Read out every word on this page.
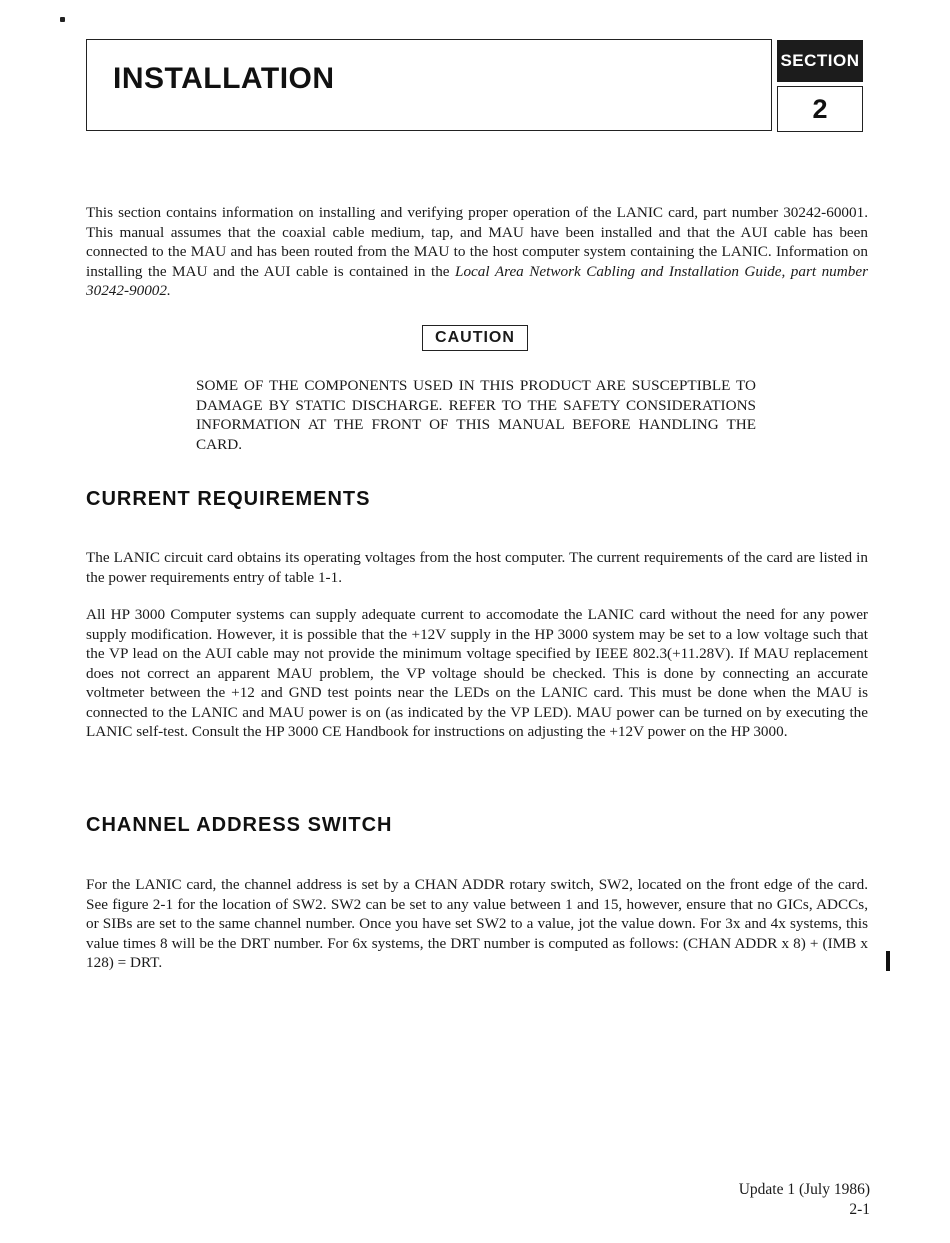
INSTALLATION
SECTION
2

This section contains information on installing and verifying proper operation of the LANIC card, part number 30242-60001. This manual assumes that the coaxial cable medium, tap, and MAU have been installed and that the AUI cable has been connected to the MAU and has been routed from the MAU to the host computer system containing the LANIC. Information on installing the MAU and the AUI cable is contained in the Local Area Network Cabling and Installation Guide, part number 30242-90002.

CAUTION

SOME OF THE COMPONENTS USED IN THIS PRODUCT ARE SUSCEPTIBLE TO DAMAGE BY STATIC DISCHARGE. REFER TO THE SAFETY CONSIDERATIONS INFORMATION AT THE FRONT OF THIS MANUAL BEFORE HANDLING THE CARD.

CURRENT REQUIREMENTS

The LANIC circuit card obtains its operating voltages from the host computer. The current requirements of the card are listed in the power requirements entry of table 1-1.

All HP 3000 Computer systems can supply adequate current to accomodate the LANIC card without the need for any power supply modification. However, it is possible that the +12V supply in the HP 3000 system may be set to a low voltage such that the VP lead on the AUI cable may not provide the minimum voltage specified by IEEE 802.3(+11.28V). If MAU replacement does not correct an apparent MAU problem, the VP voltage should be checked. This is done by connecting an accurate voltmeter between the +12 and GND test points near the LEDs on the LANIC card. This must be done when the MAU is connected to the LANIC and MAU power is on (as indicated by the VP LED). MAU power can be turned on by executing the LANIC self-test. Consult the HP 3000 CE Handbook for instructions on adjusting the +12V power on the HP 3000.

CHANNEL ADDRESS SWITCH

For the LANIC card, the channel address is set by a CHAN ADDR rotary switch, SW2, located on the front edge of the card. See figure 2-1 for the location of SW2. SW2 can be set to any value between 1 and 15, however, ensure that no GICs, ADCCs, or SIBs are set to the same channel number. Once you have set SW2 to a value, jot the value down. For 3x and 4x systems, this value times 8 will be the DRT number. For 6x systems, the DRT number is computed as follows: (CHAN ADDR x 8) + (IMB x 128) = DRT.

Update 1 (July 1986)
2-1
